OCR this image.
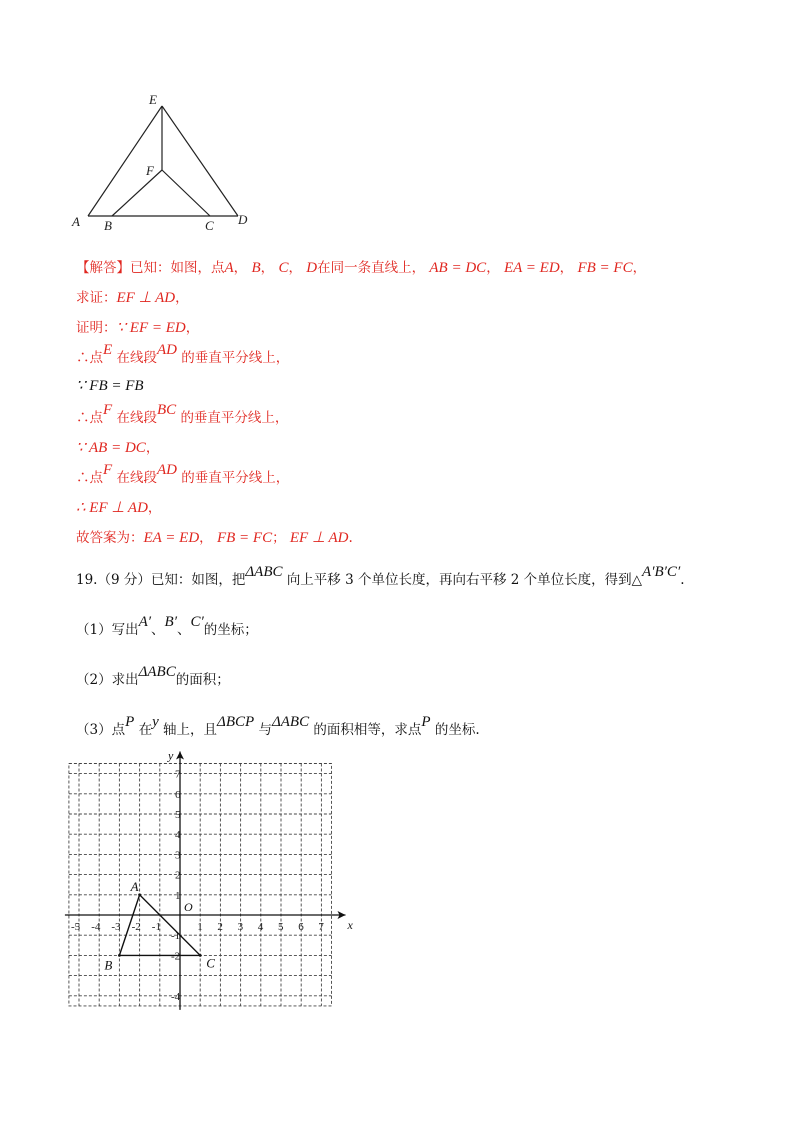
E
F
A B	C D
【解答】已知：如图，点A， B， C， D在同一条直线上， AB = DC， EA = ED， FB = FC，
求证：EF ⊥ AD，
证明：∵ EF = ED，
∴点E 在线段AD 的垂直平分线上，
∵ FB = FB
∴点F 在线段BC 的垂直平分线上，
∵ AB = DC，
∴点F 在线段AD 的垂直平分线上，
∴ EF ⊥ AD，
故答案为：EA = ED， FB = FC； EF ⊥ AD.
19.（9 分）已知：如图，把ΔABC 向上平移 3 个单位长度，再向右平移 2 个单位长度，得到△A′B′C′.
（1）写出A′、B′、C′的坐标；
（2）求出ΔABC的面积；
（3）点P 在y 轴上，且ΔBCP 与ΔABC 的面积相等，求点P 的坐标.
x
y
O
-5 -4 -3 -2 -1	1 2 3 4 5 6 7
-4
-2
-1
1
2
3
4
5
6
7
A
B	C
